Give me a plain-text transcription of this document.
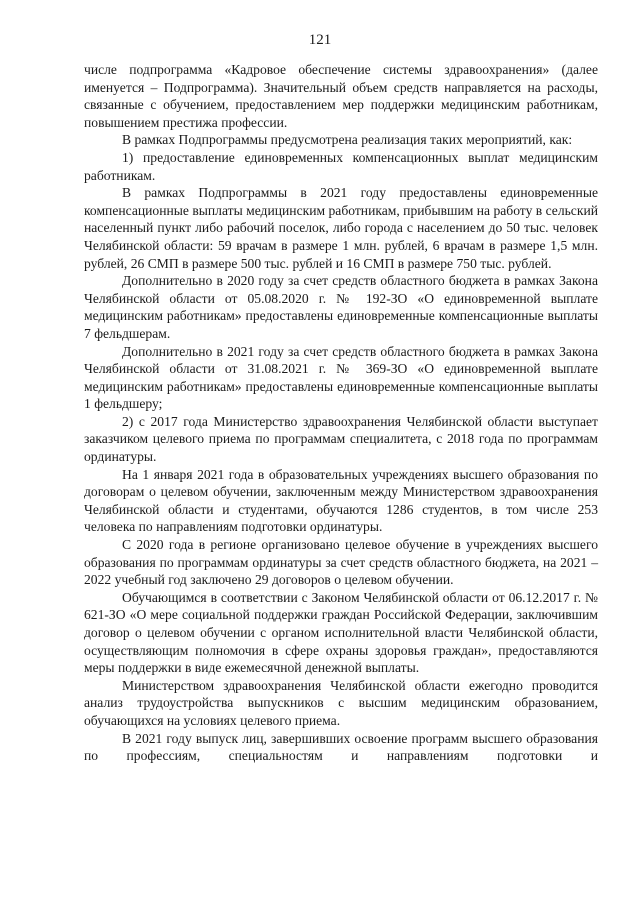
121

числе подпрограмма «Кадровое обеспечение системы здравоохранения» (далее именуется – Подпрограмма). Значительный объем средств направляется на расходы, связанные с обучением, предоставлением мер поддержки медицинским работникам, повышением престижа профессии.

В рамках Подпрограммы предусмотрена реализация таких мероприятий, как:

1) предоставление единовременных компенсационных выплат медицинским работникам.

В рамках Подпрограммы в 2021 году предоставлены единовременные компенсационные выплаты медицинским работникам, прибывшим на работу в сельский населенный пункт либо рабочий поселок, либо города с населением до 50 тыс. человек Челябинской области: 59 врачам в размере 1 млн. рублей, 6 врачам в размере 1,5 млн. рублей, 26 СМП в размере 500 тыс. рублей и 16 СМП в размере 750 тыс. рублей.

Дополнительно в 2020 году за счет средств областного бюджета в рамках Закона Челябинской области от 05.08.2020 г. № 192-ЗО «О единовременной выплате медицинским работникам» предоставлены единовременные компенсационные выплаты 7 фельдшерам.

Дополнительно в 2021 году за счет средств областного бюджета в рамках Закона Челябинской области от 31.08.2021 г. № 369-ЗО «О единовременной выплате медицинским работникам» предоставлены единовременные компенсационные выплаты 1 фельдшеру;

2) с 2017 года Министерство здравоохранения Челябинской области выступает заказчиком целевого приема по программам специалитета, с 2018 года по программам ординатуры.

На 1 января 2021 года в образовательных учреждениях высшего образования по договорам о целевом обучении, заключенным между Министерством здравоохранения Челябинской области и студентами, обучаются 1286 студентов, в том числе 253 человека по направлениям подготовки ординатуры.

С 2020 года в регионе организовано целевое обучение в учреждениях высшего образования по программам ординатуры за счет средств областного бюджета, на 2021 – 2022 учебный год заключено 29 договоров о целевом обучении.

Обучающимся в соответствии с Законом Челябинской области от 06.12.2017 г. № 621-ЗО «О мере социальной поддержки граждан Российской Федерации, заключившим договор о целевом обучении с органом исполнительной власти Челябинской области, осуществляющим полномочия в сфере охраны здоровья граждан», предоставляются меры поддержки в виде ежемесячной денежной выплаты.

Министерством здравоохранения Челябинской области ежегодно проводится анализ трудоустройства выпускников с высшим медицинским образованием, обучающихся на условиях целевого приема.

В 2021 году выпуск лиц, завершивших освоение программ высшего образования по профессиям, специальностям и направлениям подготовки и
